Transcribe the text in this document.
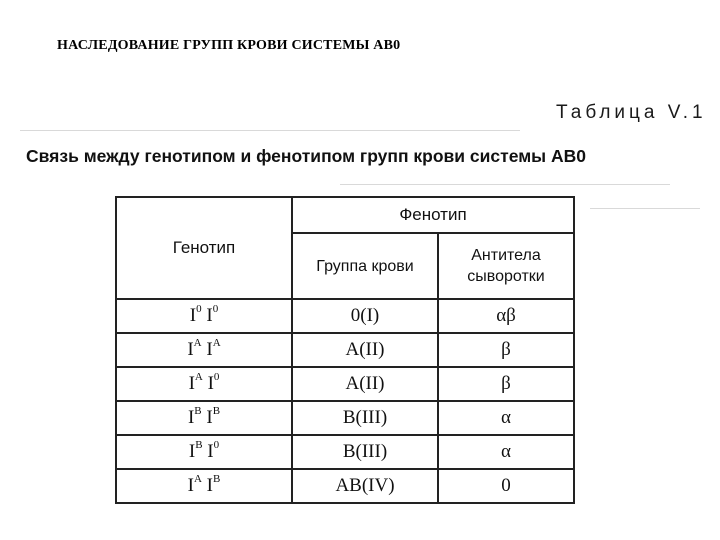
НАСЛЕДОВАНИЕ ГРУПП КРОВИ СИСТЕМЫ АВ0
Таблица V.1
Связь между генотипом и фенотипом групп крови системы АВ0
Генотип	Фенотип	
	Группа крови	Антитела
сыворотки
$I^0$ $I^0$	0(I)	αβ
$I^A$ $I^A$	A(II)	β
$I^A$ $I^0$	A(II)	β
$I^B$ $I^B$	B(III)	α
$I^B$ $I^0$	B(III)	α
$I^A$ $I^B$	AB(IV)	0
